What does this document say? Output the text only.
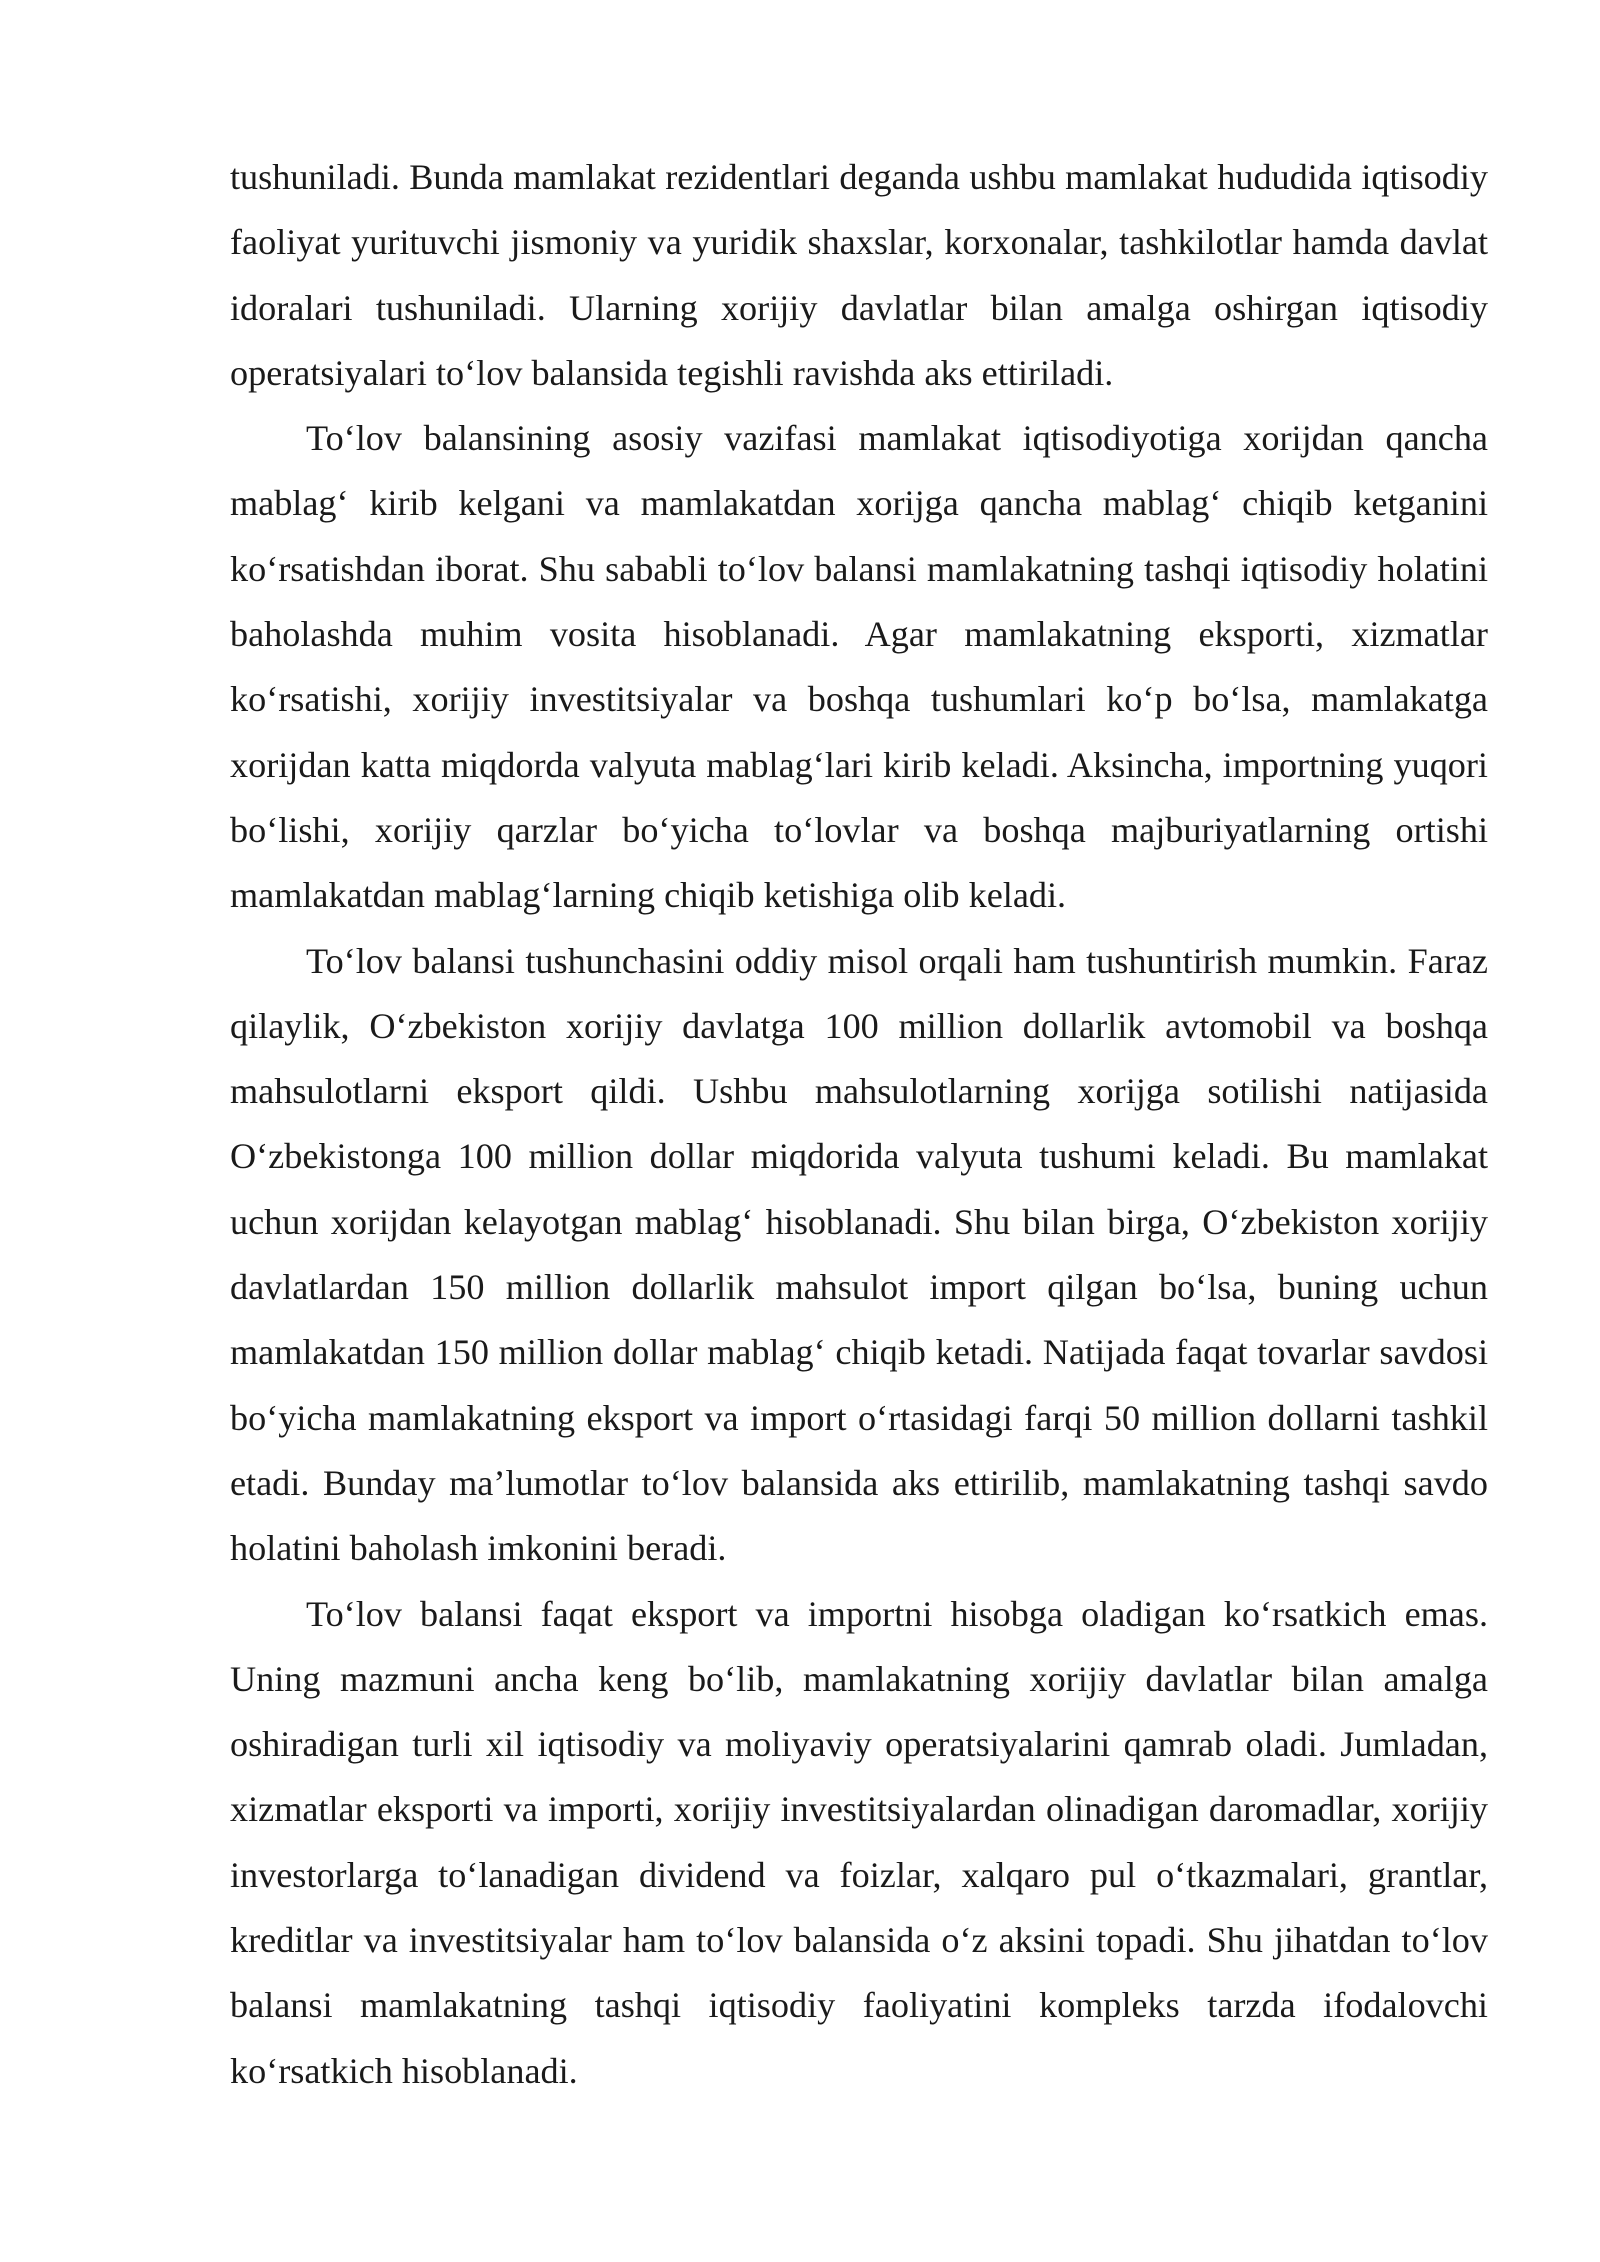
tushuniladi. Bunda mamlakat rezidentlari deganda ushbu mamlakat hududida iqtisodiy faoliyat yurituvchi jismoniy va yuridik shaxslar, korxonalar, tashkilotlar hamda davlat idoralari tushuniladi. Ularning xorijiy davlatlar bilan amalga oshirgan iqtisodiy operatsiyalari to‘lov balansida tegishli ravishda aks ettiriladi.

To‘lov balansining asosiy vazifasi mamlakat iqtisodiyotiga xorijdan qancha mablag‘ kirib kelgani va mamlakatdan xorijga qancha mablag‘ chiqib ketganini ko‘rsatishdan iborat. Shu sababli to‘lov balansi mamlakatning tashqi iqtisodiy holatini baholashda muhim vosita hisoblanadi. Agar mamlakatning eksporti, xizmatlar ko‘rsatishi, xorijiy investitsiyalar va boshqa tushumlari ko‘p bo‘lsa, mamlakatga xorijdan katta miqdorda valyuta mablag‘lari kirib keladi. Aksincha, importning yuqori bo‘lishi, xorijiy qarzlar bo‘yicha to‘lovlar va boshqa majburiyatlarning ortishi mamlakatdan mablag‘larning chiqib ketishiga olib keladi.

To‘lov balansi tushunchasini oddiy misol orqali ham tushuntirish mumkin. Faraz qilaylik, O‘zbekiston xorijiy davlatga 100 million dollarlik avtomobil va boshqa mahsulotlarni eksport qildi. Ushbu mahsulotlarning xorijga sotilishi natijasida O‘zbekistonga 100 million dollar miqdorida valyuta tushumi keladi. Bu mamlakat uchun xorijdan kelayotgan mablag‘ hisoblanadi. Shu bilan birga, O‘zbekiston xorijiy davlatlardan 150 million dollarlik mahsulot import qilgan bo‘lsa, buning uchun mamlakatdan 150 million dollar mablag‘ chiqib ketadi. Natijada faqat tovarlar savdosi bo‘yicha mamlakatning eksport va import o‘rtasidagi farqi 50 million dollarni tashkil etadi. Bunday ma’lumotlar to‘lov balansida aks ettirilib, mamlakatning tashqi savdo holatini baholash imkonini beradi.

To‘lov balansi faqat eksport va importni hisobga oladigan ko‘rsatkich emas. Uning mazmuni ancha keng bo‘lib, mamlakatning xorijiy davlatlar bilan amalga oshiradigan turli xil iqtisodiy va moliyaviy operatsiyalarini qamrab oladi. Jumladan, xizmatlar eksporti va importi, xorijiy investitsiyalardan olinadigan daromadlar, xorijiy investorlarga to‘lanadigan dividend va foizlar, xalqaro pul o‘tkazmalari, grantlar, kreditlar va investitsiyalar ham to‘lov balansida o‘z aksini topadi. Shu jihatdan to‘lov balansi mamlakatning tashqi iqtisodiy faoliyatini kompleks tarzda ifodalovchi ko‘rsatkich hisoblanadi.
